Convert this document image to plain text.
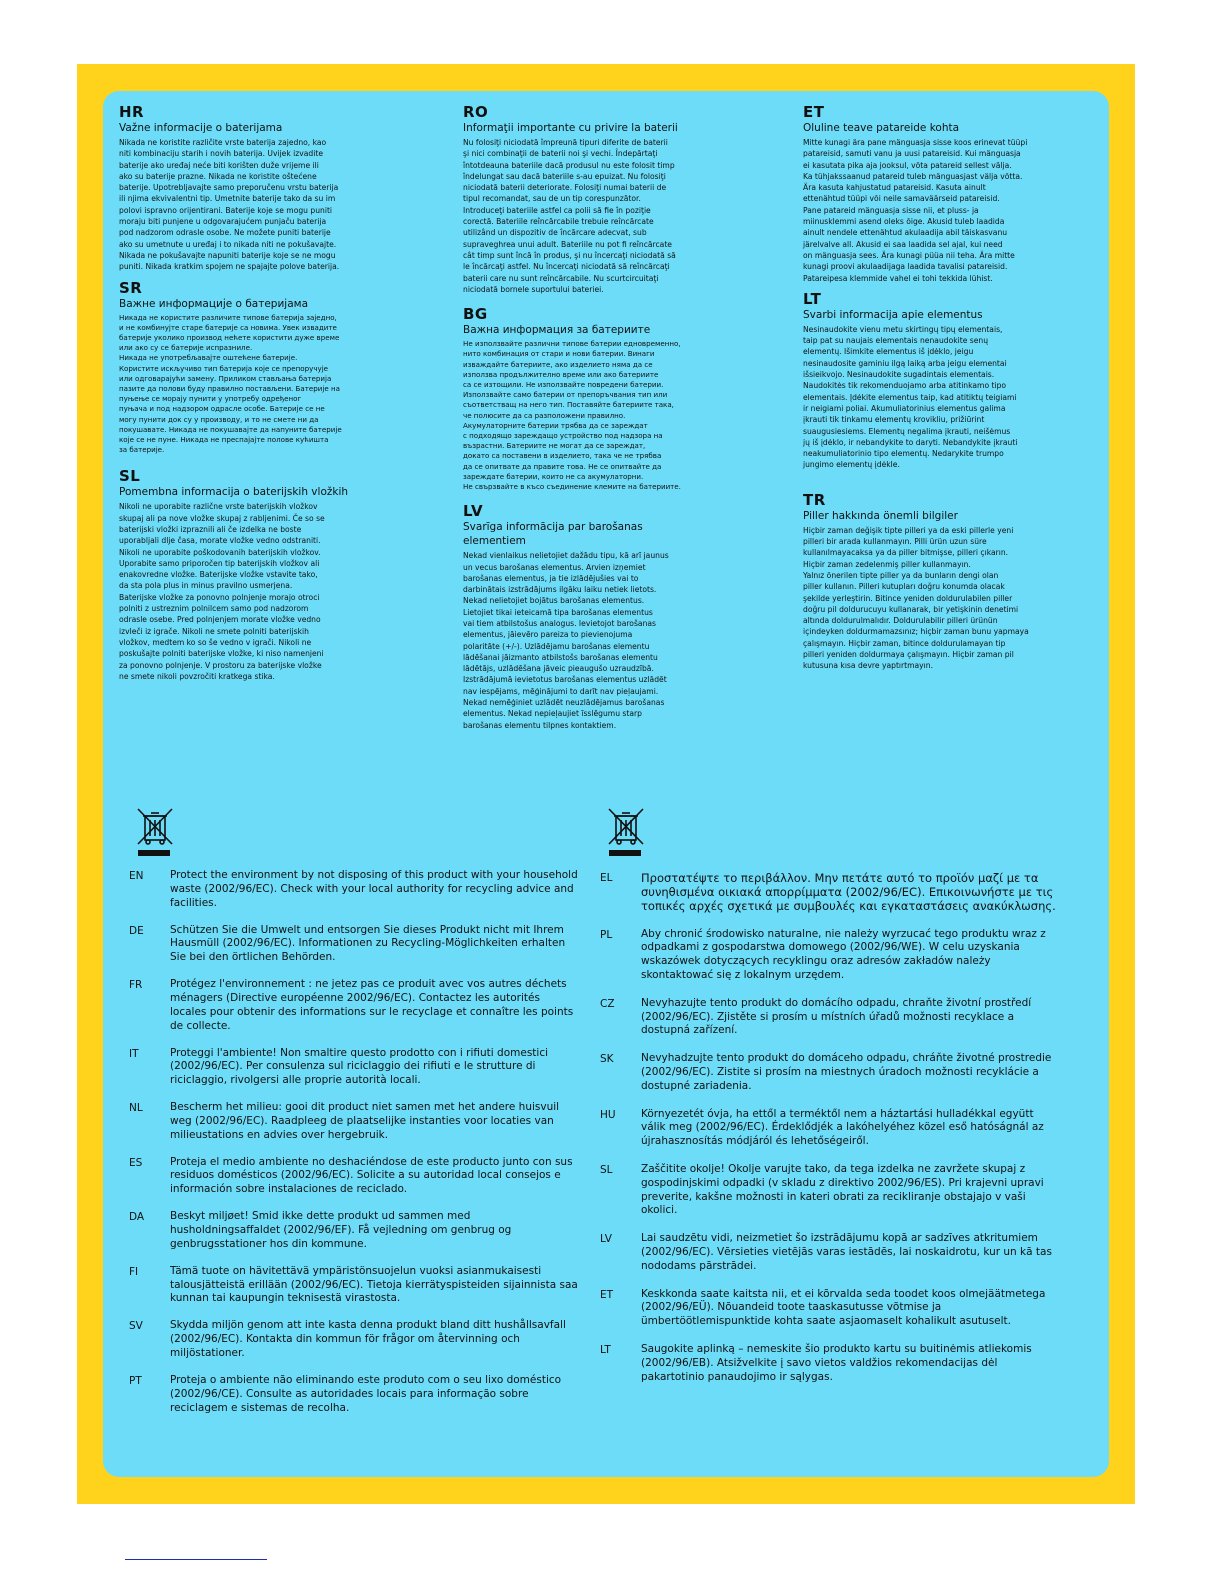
HR

Važne informacije o baterijama

Nikada ne koristite različite vrste baterija zajedno, kao
niti kombinaciju starih i novih baterija. Uvijek izvadite
baterije ako uređaj neće biti korišten duže vrijeme ili
ako su baterije prazne. Nikada ne koristite oštećene
baterije. Upotrebljavajte samo preporučenu vrstu baterija
ili njima ekvivalentni tip. Umetnite baterije tako da su im
polovi ispravno orijentirani. Baterije koje se mogu puniti
moraju biti punjene u odgovarajućem punjaču baterija
pod nadzorom odrasle osobe. Ne možete puniti baterije
ako su umetnute u uređaj i to nikada niti ne pokušavajte.
Nikada ne pokušavajte napuniti baterije koje se ne mogu
puniti. Nikada kratkim spojem ne spajajte polove baterija.

SR

Важне информације о батеријама

Никада не користите различите типове батерија заједно,
и не комбинујте старе батерије са новима. Увек извадите
батерије уколико производ нећете користити дуже време
или ако су се батерије испразниле.
Никада не употребљавајте оштећене батерије.
Користите искључиво тип батерија које се препоручује
или одговарајући замену. Приликом стављања батерија
пазите да полови буду правилно постављени. Батерије на
пуњење се морају пунити у употребу одређеног
пуњача и под надзором одрасле особе. Батерије се не
могу пунити док су у производу, и то не смете ни да
покушавате. Никада не покушавајте да напуните батерије
које се не пуне. Никада не преспајајте полове кућишта
за батерије.

SL

Pomembna informacija o baterijskih vložkih

Nikoli ne uporabite različne vrste baterijskih vložkov
skupaj ali pa nove vložke skupaj z rabljenimi. Če so se
baterijski vložki izpraznili ali če izdelka ne boste
uporabljali dlje časa, morate vložke vedno odstraniti.
Nikoli ne uporabite poškodovanih baterijskih vložkov.
Uporabite samo priporočen tip baterijskih vložkov ali
enakovredne vložke. Baterijske vložke vstavite tako,
da sta pola plus in minus pravilno usmerjena.
Baterijske vložke za ponovno polnjenje morajo otroci
polniti z ustreznim polnilcem samo pod nadzorom
odrasle osebe. Pred polnjenjem morate vložke vedno
izvleči iz igrače. Nikoli ne smete polniti baterijskih
vložkov, medtem ko so še vedno v igrači. Nikoli ne
poskušajte polniti baterijske vložke, ki niso namenjeni
za ponovno polnjenje. V prostoru za baterijske vložke
ne smete nikoli povzročiti kratkega stika.

RO

Informaţii importante cu privire la baterii

Nu folosiţi niciodată împreună tipuri diferite de baterii
şi nici combinaţii de baterii noi şi vechi. Îndepărtaţi
întotdeauna bateriile dacă produsul nu este folosit timp
îndelungat sau dacă bateriile s-au epuizat. Nu folosiţi
niciodată baterii deteriorate. Folosiţi numai baterii de
tipul recomandat, sau de un tip corespunzător.
Introduceţi bateriile astfel ca polii să fie în poziţie
corectă. Bateriile reîncărcabile trebuie reîncărcate
utilizând un dispozitiv de încărcare adecvat, sub
supraveghrea unui adult. Bateriile nu pot fi reîncărcate
cât timp sunt încă în produs, şi nu încercaţi niciodată să
le încărcaţi astfel. Nu încercaţi niciodată să reîncărcaţi
baterii care nu sunt reîncărcabile. Nu scurtcircuitaţi
niciodată bornele suportului bateriei.

BG

Важна информация за батериите

Не използвайте различни типове батерии едновременно,
нито комбинация от стари и нови батерии. Винаги
изваждайте батериите, ако изделието няма да се
използва продължително време или ако батериите
са се изтощили. Не използвайте повредени батерии.
Използвайте само батерии от препоръчвания тип или
съответстващ на него тип. Поставяйте батериите така,
че полюсите да са разположени правилно.
Акумулаторните батерии трябва да се зареждат
с подходящо зареждащо устройство под надзора на
възрастни. Батериите не могат да се зареждат,
докато са поставени в изделието, така че не трябва
да се опитвате да правите това. Не се опитвайте да
зареждате батерии, които не са акумулаторни.
Не свързвайте в късо съединение клемите на батериите.

LV

Svarīga informācija par barošanas elementiem

Nekad vienlaikus nelietojiet dažādu tipu, kā arī jaunus
un vecus barošanas elementus. Arvien izņemiet
barošanas elementus, ja tie izlādējušies vai to
darbinātais izstrādājums ilgāku laiku netiek lietots.
Nekad nelietojiet bojātus barošanas elementus.
Lietojiet tikai ieteicamā tipa barošanas elementus
vai tiem atbilstošus analogus. Ievietojot barošanas
elementus, jāievēro pareiza to pievienojuma
polaritāte (+/-). Uzlādējamu barošanas elementu
lādēšanai jāizmanto atbilstošs barošanas elementu
lādētājs, uzlādēšana jāveic pieaugušo uzraudzībā.
Izstrādājumā ievietotus barošanas elementus uzlādēt
nav iespējams, mēģinājumi to darīt nav pieļaujami.
Nekad nemēģiniet uzlādēt neuzlādējamus barošanas
elementus. Nekad nepieļaujiet īsslēgumu starp
barošanas elementu tilpnes kontaktiem.

ET

Oluline teave patareide kohta

Mitte kunagi ära pane mänguasja sisse koos erinevat tüüpi
patareisid, samuti vanu ja uusi patareisid. Kui mänguasja
ei kasutata pika aja jooksul, võta patareid sellest välja.
Ka tühjakssaanud patareid tuleb mänguasjast välja võtta.
Ära kasuta kahjustatud patareisid. Kasuta ainult
ettenähtud tüüpi või neile samaväärseid patareisid.
Pane patareid mänguasja sisse nii, et pluss- ja
miinusklemmi asend oleks õige. Akusid tuleb laadida
ainult nendele ettenähtud akulaadija abil täiskasvanu
järelvalve all. Akusid ei saa laadida sel ajal, kui need
on mänguasja sees. Ära kunagi püüa nii teha. Ära mitte
kunagi proovi akulaadijaga laadida tavalisi patareisid.
Patareipesa klemmide vahel ei tohi tekkida lühist.

LT

Svarbi informacija apie elementus

Nesinaudokite vienu metu skirtingų tipų elementais,
taip pat su naujais elementais nenaudokite senų
elementų. Išimkite elementus iš įdėklo, jeigu
nesinaudosite gaminiu ilgą laiką arba jeigu elementai
išsieikvojo. Nesinaudokite sugadintais elementais.
Naudokitės tik rekomenduojamo arba atitinkamo tipo
elementais. Įdėkite elementus taip, kad atitiktų teigiami
ir neigiami poliai. Akumuliatorinius elementus galima
įkrauti tik tinkamu elementų krovikliu, prižiūrint
suaugusiesiems. Elementų negalima įkrauti, neišėmus
jų iš įdėklo, ir nebandykite to daryti. Nebandykite įkrauti
neakumuliatorinio tipo elementų. Nedarykite trumpo
jungimo elementų įdėkle.

TR

Piller hakkında önemli bilgiler

Hiçbir zaman değişik tipte pilleri ya da eski pillerle yeni
pilleri bir arada kullanmayın. Pilli ürün uzun süre
kullanılmayacaksa ya da piller bitmişse, pilleri çıkarın.
Hiçbir zaman zedelenmiş piller kullanmayın.
Yalnız önerilen tipte piller ya da bunların dengi olan
piller kullanın. Pilleri kutupları doğru konumda olacak
şekilde yerleştirin. Bitince yeniden doldurulabilen piller
doğru pil doldurucuyu kullanarak, bir yetişkinin denetimi
altında doldurulmalıdır. Doldurulabilir pilleri ürünün
içindeyken doldurmamazsınız; hiçbir zaman bunu yapmaya
çalışmayın. Hiçbir zaman, bitince doldurulamayan tip
pilleri yeniden doldurmaya çalışmayın. Hiçbir zaman pil
kutusuna kısa devre yaptırtmayın.

EN	Protect the environment by not disposing of this product with your household waste (2002/96/EC). Check with your local authority for recycling advice and facilities.
DE	Schützen Sie die Umwelt und entsorgen Sie dieses Produkt nicht mit Ihrem Hausmüll (2002/96/EC). Informationen zu Recycling-Möglichkeiten erhalten Sie bei den örtlichen Behörden.
FR	Protégez l'environnement : ne jetez pas ce produit avec vos autres déchets ménagers (Directive européenne 2002/96/EC). Contactez les autorités locales pour obtenir des informations sur le recyclage et connaître les points de collecte.
IT	Proteggi l'ambiente! Non smaltire questo prodotto con i rifiuti domestici (2002/96/EC). Per consulenza sul riciclaggio dei rifiuti e le strutture di riciclaggio, rivolgersi alle proprie autorità locali.
NL	Bescherm het milieu: gooi dit product niet samen met het andere huisvuil weg (2002/96/EC). Raadpleeg de plaatselijke instanties voor locaties van milieustations en advies over hergebruik.
ES	Proteja el medio ambiente no deshaciéndose de este producto junto con sus residuos domésticos (2002/96/EC). Solicite a su autoridad local consejos e información sobre instalaciones de reciclado.
DA	Beskyt miljøet! Smid ikke dette produkt ud sammen med husholdningsaffaldet (2002/96/EF). Få vejledning om genbrug og genbrugsstationer hos din kommune.
FI	Tämä tuote on hävitettävä ympäristönsuojelun vuoksi asianmukaisesti talousjätteistä erillään (2002/96/EC). Tietoja kierrätyspisteiden sijainnista saa kunnan tai kaupungin teknisestä virastosta.
SV	Skydda miljön genom att inte kasta denna produkt bland ditt hushållsavfall (2002/96/EC). Kontakta din kommun för frågor om återvinning och miljöstationer.
PT	Proteja o ambiente não eliminando este produto com o seu lixo doméstico (2002/96/CE). Consulte as autoridades locais para informação sobre reciclagem e sistemas de recolha.
EL	Προστατέψτε το περιβάλλον. Μην πετάτε αυτό το προϊόν μαζί με τα συνηθισμένα οικιακά απορρίμματα (2002/96/EC). Επικοινωνήστε με τις τοπικές αρχές σχετικά με συμβουλές και εγκαταστάσεις ανακύκλωσης.
PL	Aby chronić środowisko naturalne, nie należy wyrzucać tego produktu wraz z odpadkami z gospodarstwa domowego (2002/96/WE). W celu uzyskania wskazówek dotyczących recyklingu oraz adresów zakładów należy skontaktować się z lokalnym urzędem.
CZ	Nevyhazujte tento produkt do domácího odpadu, chraňte životní prostředí (2002/96/EC). Zjistěte si prosím u místních úřadů možnosti recyklace a dostupná zařízení.
SK	Nevyhadzujte tento produkt do domáceho odpadu, chráňte životné prostredie (2002/96/EC). Zistite si prosím na miestnych úradoch možnosti recyklácie a dostupné zariadenia.
HU	Környezetét óvja, ha ettől a terméktől nem a háztartási hulladékkal együtt válik meg (2002/96/EC). Érdeklődjék a lakóhelyéhez közel eső hatóságnál az újrahasznosítás módjáról és lehetőségeiről.
SL	Zaščitite okolje! Okolje varujte tako, da tega izdelka ne zavržete skupaj z gospodinjskimi odpadki (v skladu z direktivo 2002/96/ES). Pri krajevni upravi preverite, kakšne možnosti in kateri obrati za recikliranje obstajajo v vaši okolici.
LV	Lai saudzētu vidi, neizmetiet šo izstrādājumu kopā ar sadzīves atkritumiem (2002/96/EC). Vērsieties vietējās varas iestādēs, lai noskaidrotu, kur un kā tas nododams pārstrādei.
ET	Keskkonda saate kaitsta nii, et ei kõrvalda seda toodet koos olmejäätmetega (2002/96/EÜ). Nõuandeid toote taaskasutusse võtmise ja ümbertöötlemispunktide kohta saate asjaomaselt kohalikult asutuselt.
LT	Saugokite aplinką – nemeskite šio produkto kartu su buitinėmis atliekomis (2002/96/EB). Atsižvelkite į savo vietos valdžios rekomendacijas dėl pakartotinio panaudojimo ir sąlygas.
